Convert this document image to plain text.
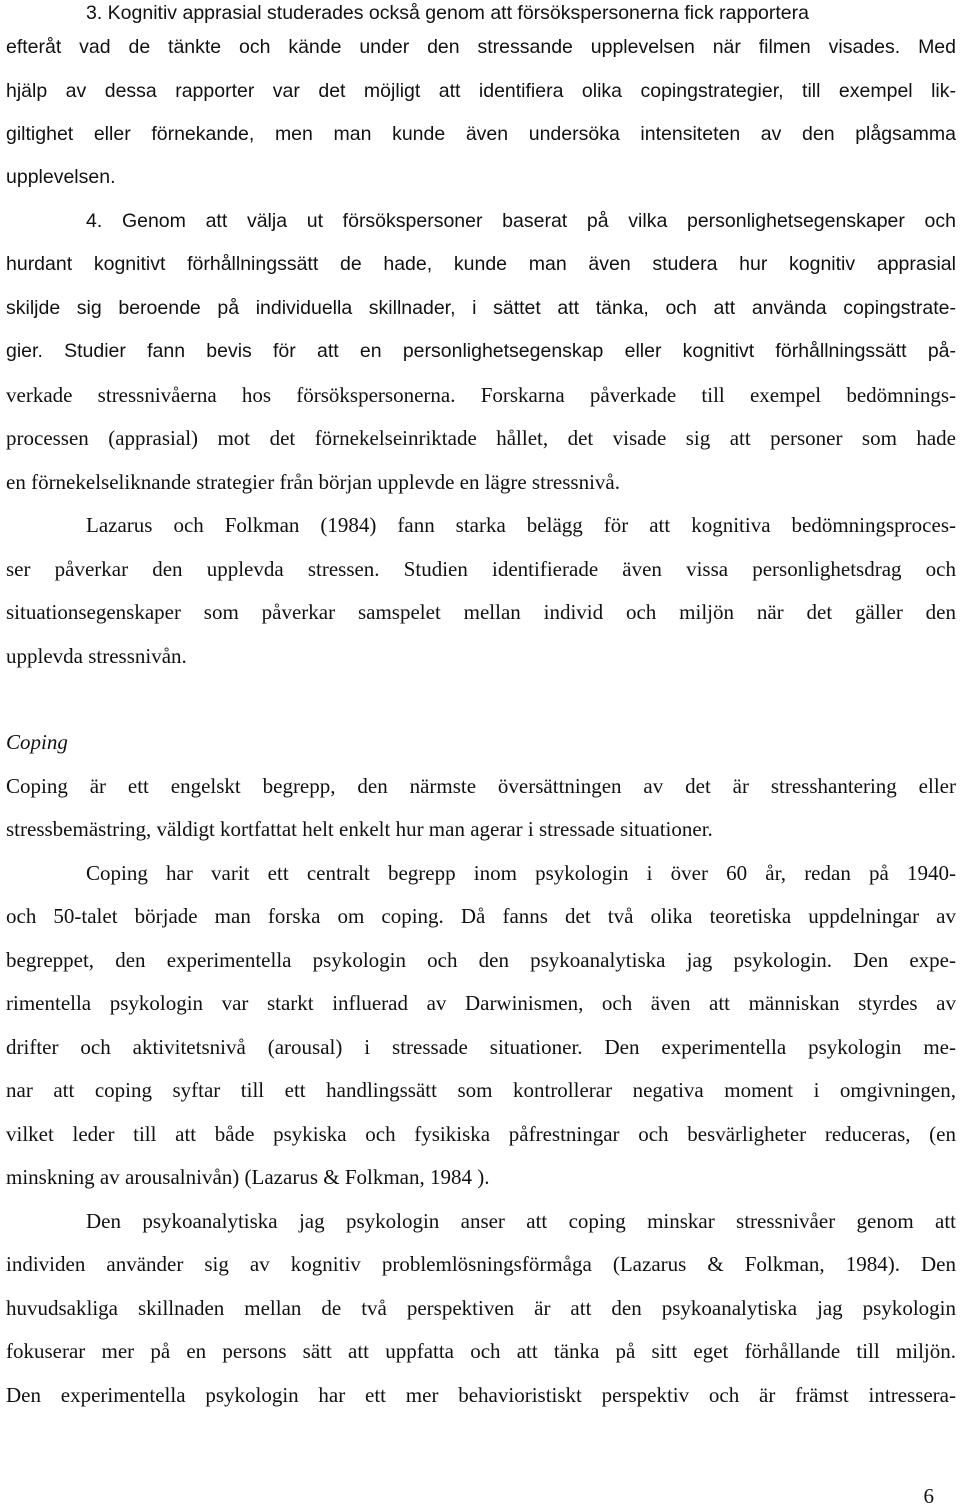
3. Kognitiv apprasial studerades också genom att försökspersonerna fick rapportera
efteråt vad de tänkte och kände under den stressande upplevelsen när filmen visades. Med
hjälp av dessa rapporter var det möjligt att identifiera olika copingstrategier, till exempel lik-
giltighet eller förnekande, men man kunde även undersöka intensiteten av den plågsamma
upplevelsen.
4. Genom att välja ut försökspersoner baserat på vilka personlighetsegenskaper och
hurdant kognitivt förhållningssätt de hade, kunde man även studera hur kognitiv apprasial
skiljde sig beroende på individuella skillnader, i sättet att tänka, och att använda copingstrate-
gier. Studier fann bevis för att en personlighetsegenskap eller kognitivt förhållningssätt på-
verkade stressnivåerna hos försökspersonerna. Forskarna påverkade till exempel bedömnings-
processen (apprasial) mot det förnekelseinriktade hållet, det visade sig att personer som hade
en förnekelseliknande strategier från början upplevde en lägre stressnivå.
Lazarus och Folkman (1984) fann starka belägg för att kognitiva bedömningsproces-
ser påverkar den upplevda stressen. Studien identifierade även vissa personlighetsdrag och
situationsegenskaper som påverkar samspelet mellan individ och miljön när det gäller den
upplevda stressnivån.
Coping
Coping är ett engelskt begrepp, den närmste översättningen av det är stresshantering eller
stressbemästring, väldigt kortfattat helt enkelt hur man agerar i stressade situationer.
Coping har varit ett centralt begrepp inom psykologin i över 60 år, redan på 1940-
och 50-talet började man forska om coping. Då fanns det två olika teoretiska uppdelningar av
begreppet, den experimentella psykologin och den psykoanalytiska jag psykologin. Den expe-
rimentella psykologin var starkt influerad av Darwinismen, och även att människan styrdes av
drifter och aktivitetsnivå (arousal) i stressade situationer. Den experimentella psykologin me-
nar att coping syftar till ett handlingssätt som kontrollerar negativa moment i omgivningen,
vilket leder till att både psykiska och fysikiska påfrestningar och besvärligheter reduceras, (en
minskning av arousalnivån) (Lazarus & Folkman, 1984 ).
Den psykoanalytiska jag psykologin anser att coping minskar stressnivåer genom att
individen använder sig av kognitiv problemlösningsförmåga (Lazarus & Folkman, 1984). Den
huvudsakliga skillnaden mellan de två perspektiven är att den psykoanalytiska jag psykologin
fokuserar mer på en persons sätt att uppfatta och att tänka på sitt eget förhållande till miljön.
Den experimentella psykologin har ett mer behavioristiskt perspektiv och är främst intressera-
6
